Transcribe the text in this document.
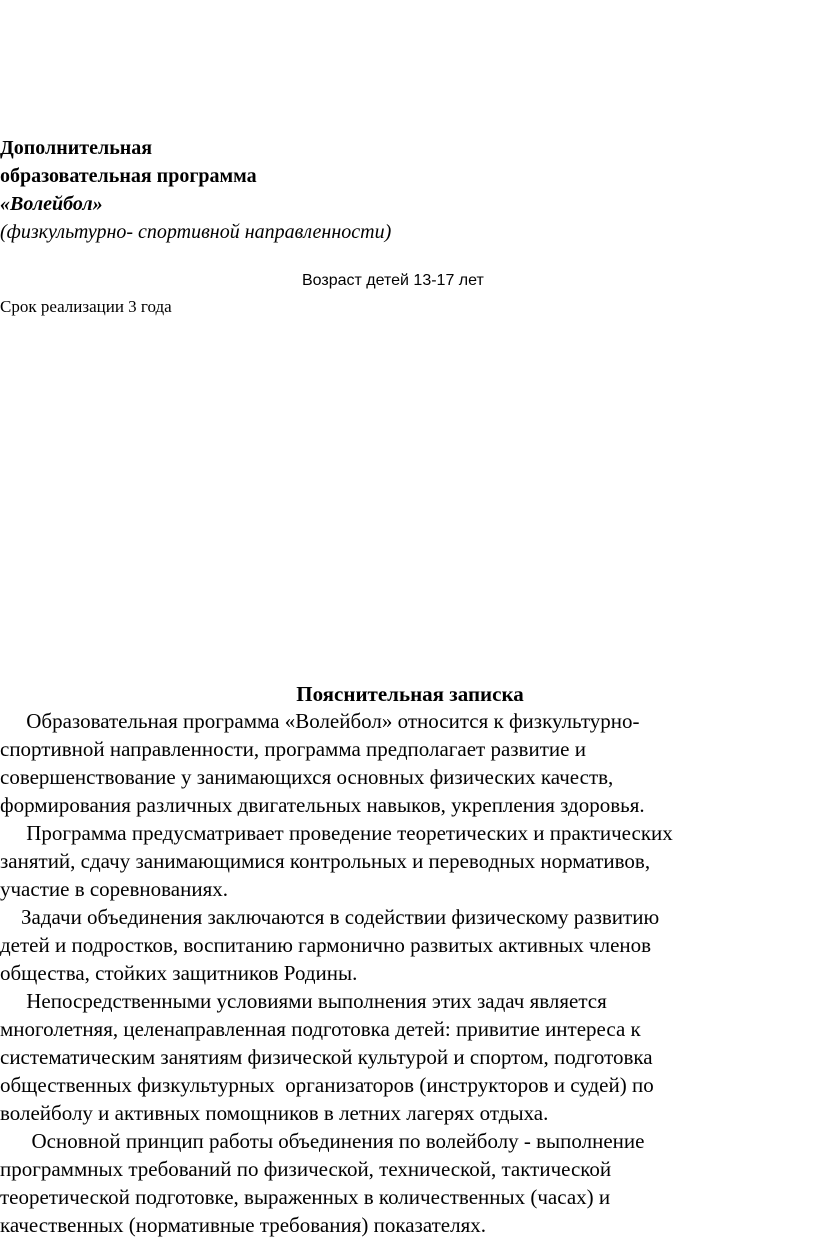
Дополнительная
образовательная программа
«Волейбол»
(физкультурно- спортивной направленности)
Возраст детей 13-17 лет
Срок реализации 3 года
Пояснительная записка

Образовательная программа «Волейбол» относится к физкультурно-
спортивной направленности, программа предполагает развитие и
совершенствование у занимающихся основных физических качеств,
формирования различных двигательных навыков, укрепления здоровья.

Программа предусматривает проведение теоретических и практических
занятий, сдачу занимающимися контрольных и переводных нормативов,
участие в соревнованиях.

Задачи объединения заключаются в содействии физическому развитию
детей и подростков, воспитанию гармонично развитых активных членов
общества, стойких защитников Родины.

Непосредственными условиями выполнения этих задач является
многолетняя, целенаправленная подготовка детей: привитие интереса к
систематическим занятиям физической культурой и спортом, подготовка
общественных физкультурных  организаторов (инструкторов и судей) по
волейболу и активных помощников в летних лагерях отдыха.

Основной принцип работы объединения по волейболу - выполнение
программных требований по физической, технической, тактической
теоретической подготовке, выраженных в количественных (часах) и
качественных (нормативные требования) показателях.
